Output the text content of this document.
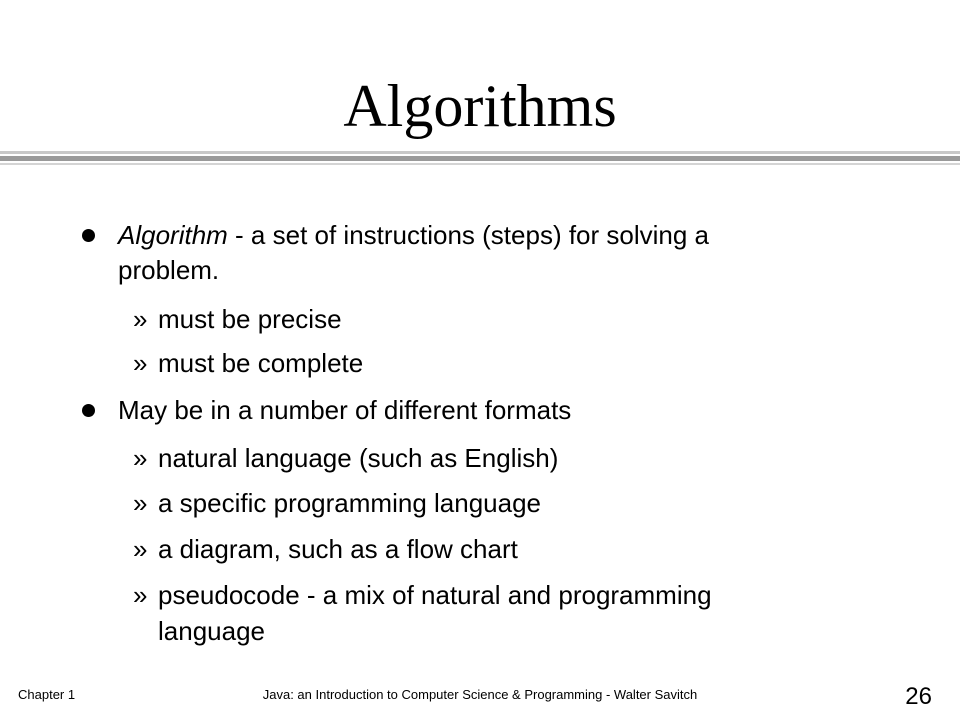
Algorithms
Algorithm - a set of instructions (steps) for solving a
problem.
» must be precise
» must be complete
May be in a number of different formats
» natural language (such as English)
» a specific programming language
» a diagram, such as a flow chart
» pseudocode - a mix of natural and programming
language
Chapter 1	Java: an Introduction to Computer Science & Programming - Walter Savitch	26
